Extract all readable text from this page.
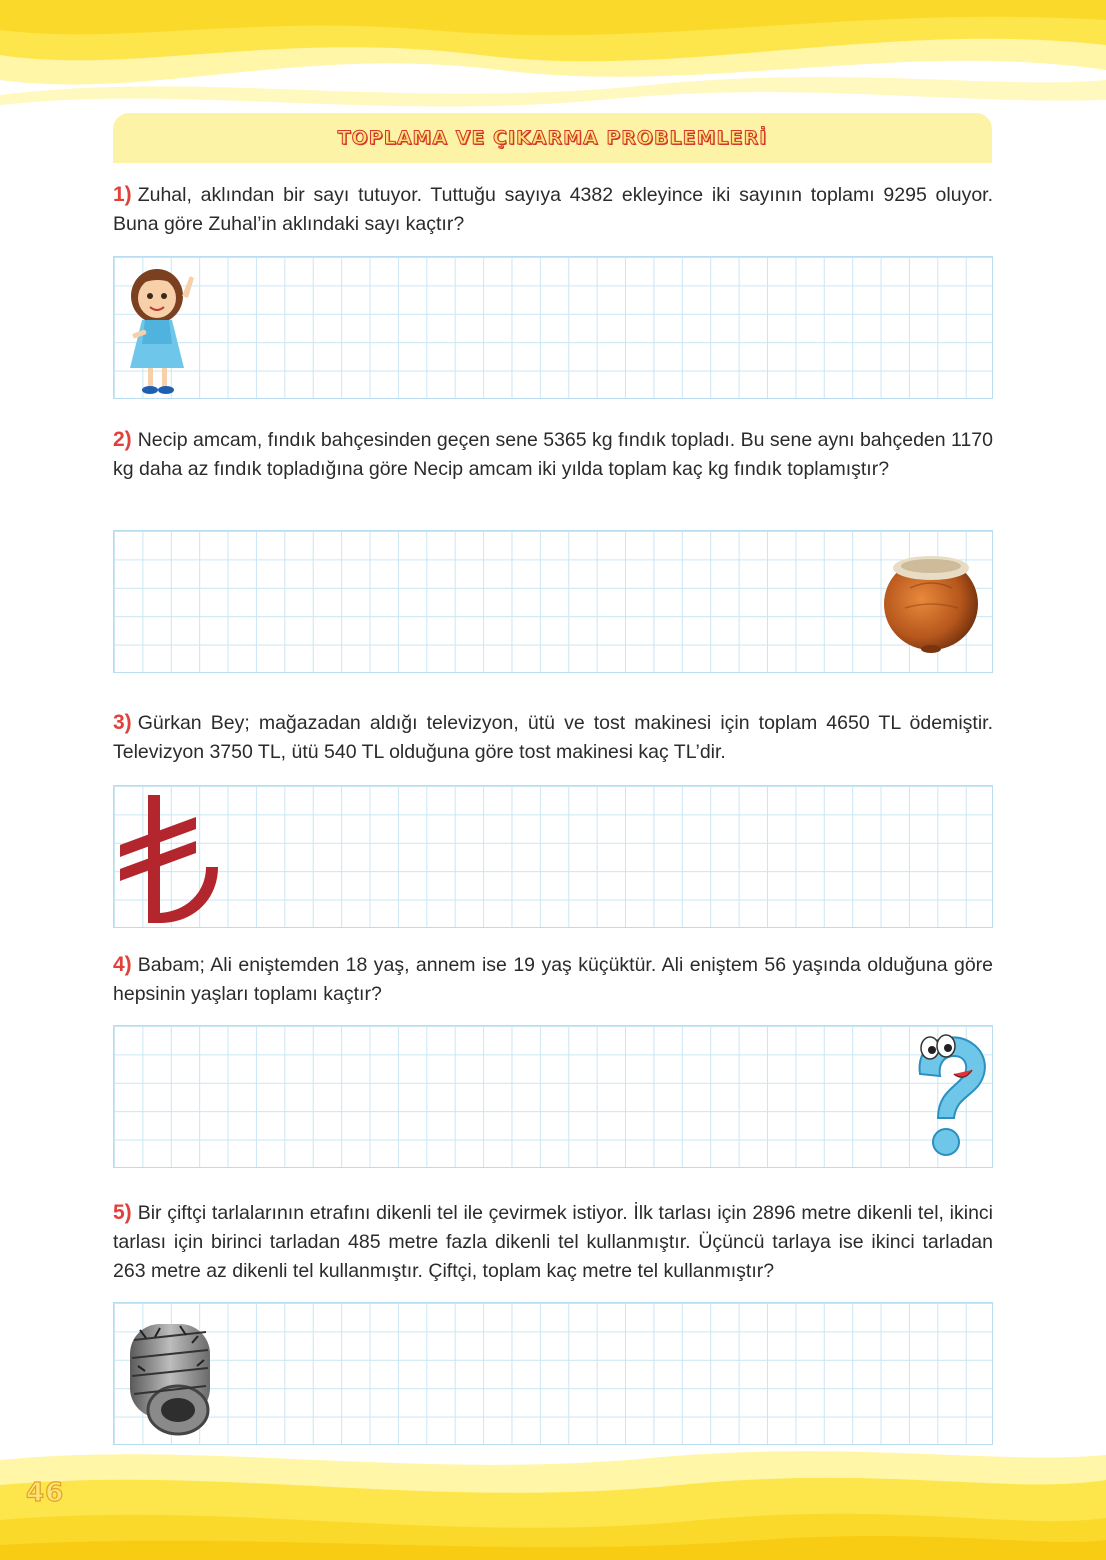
TOPLAMA VE ÇIKARMA PROBLEMLERİ
1) Zuhal, aklından bir sayı tutuyor. Tuttuğu sayıya 4382 ekleyince iki sayının toplamı 9295 oluyor. Buna göre Zuhal’in aklındaki sayı kaçtır?
2) Necip amcam, fındık bahçesinden geçen sene 5365 kg fındık topladı. Bu sene aynı bahçeden 1170 kg daha az fındık topladığına göre Necip amcam iki yılda toplam kaç kg fındık toplamıştır?
3) Gürkan Bey; mağazadan aldığı televizyon, ütü ve tost makinesi için toplam 4650 TL ödemiştir. Televizyon 3750 TL, ütü 540 TL olduğuna göre tost makinesi kaç TL’dir.
4) Babam; Ali eniştemden 18 yaş, annem ise 19 yaş küçüktür. Ali eniştem 56 yaşında olduğuna göre hepsinin yaşları toplamı kaçtır?
5) Bir çiftçi tarlalarının etrafını dikenli tel ile çevirmek istiyor. İlk tarlası için 2896 metre dikenli tel, ikinci tarlası için birinci tarladan 485 metre fazla dikenli tel kullanmıştır. Üçüncü tarlaya ise ikinci tarladan 263 metre az dikenli tel kullanmıştır. Çiftçi, toplam kaç metre tel kullanmıştır?
46
